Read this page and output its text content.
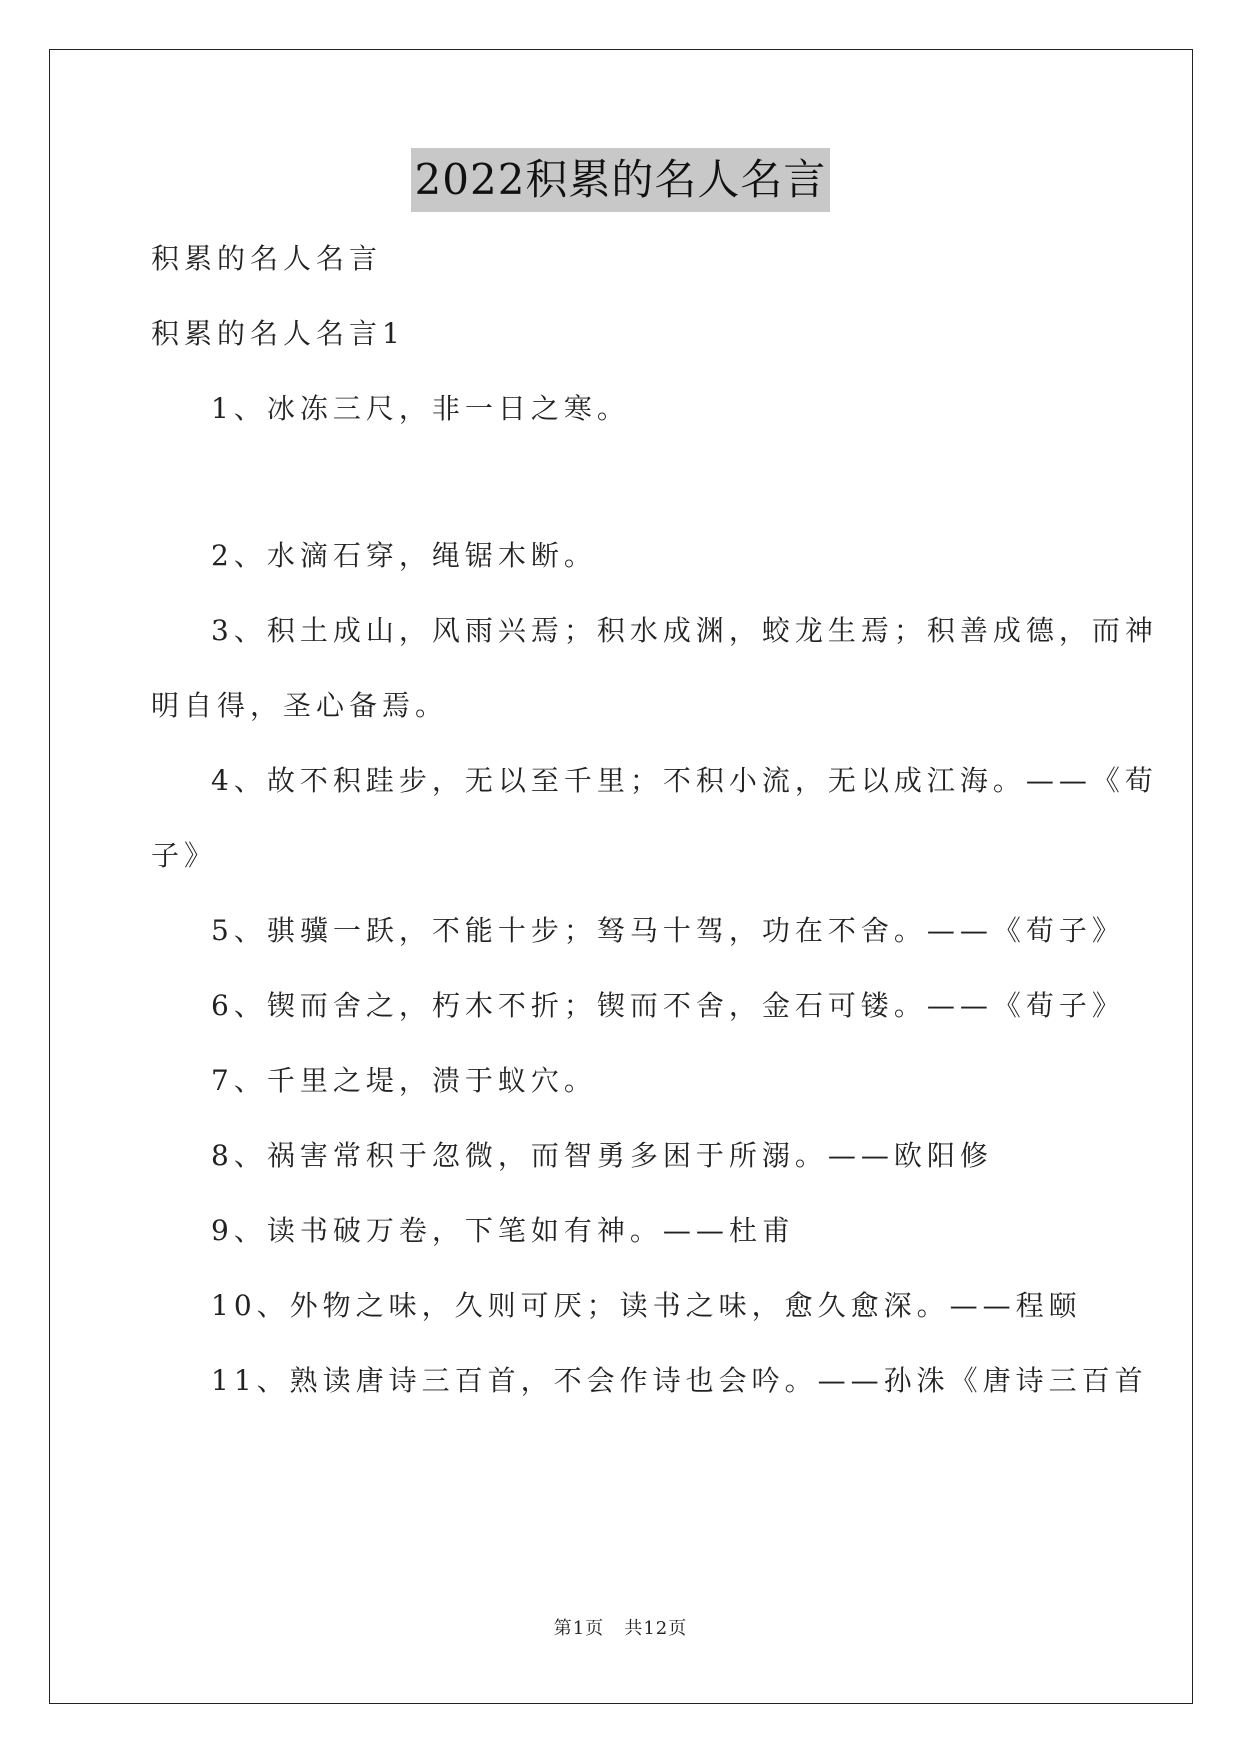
2022积累的名人名言
积累的名人名言
积累的名人名言1
1、冰冻三尺，非一日之寒。
2、水滴石穿，绳锯木断。
3、积土成山，风雨兴焉；积水成渊，蛟龙生焉；积善成德，而神
明自得，圣心备焉。
4、故不积跬步，无以至千里；不积小流，无以成江海。——《荀
子》
5、骐骥一跃，不能十步；驽马十驾，功在不舍。——《荀子》
6、锲而舍之，朽木不折；锲而不舍，金石可镂。——《荀子》
7、千里之堤，溃于蚁穴。
8、祸害常积于忽微，而智勇多困于所溺。——欧阳修
9、读书破万卷，下笔如有神。——杜甫
10、外物之味，久则可厌；读书之味，愈久愈深。——程颐
11、熟读唐诗三百首，不会作诗也会吟。——孙洙《唐诗三百首
第1页 共12页
